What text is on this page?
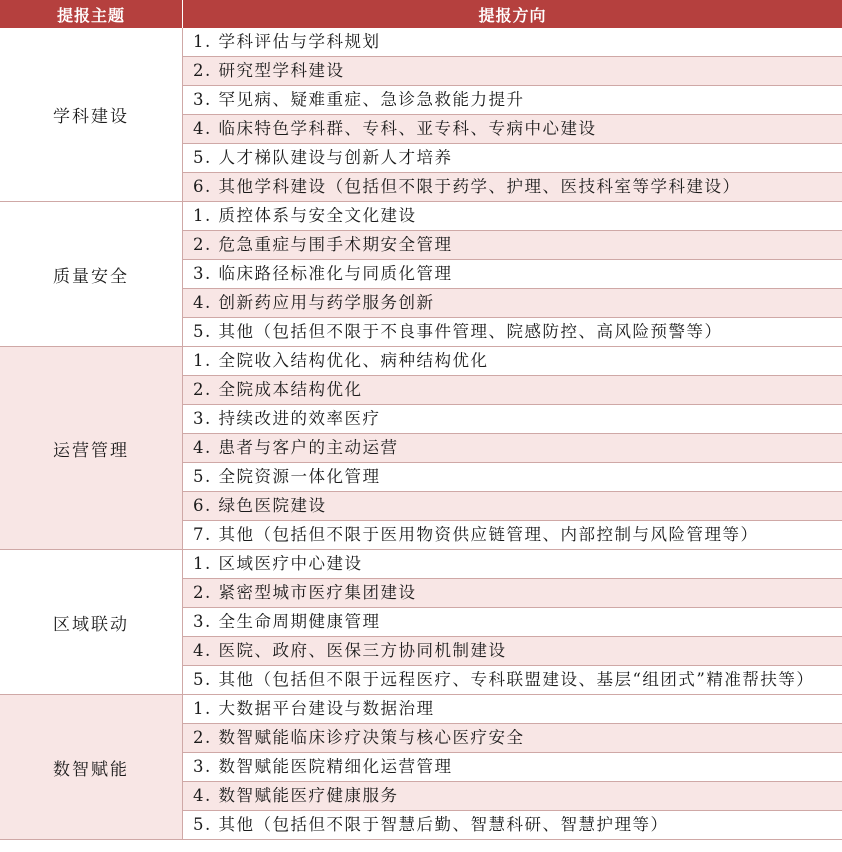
提报主题	提报方向
学科建设	1. 学科评估与学科规划
	2. 研究型学科建设
	3. 罕见病、疑难重症、急诊急救能力提升
	4. 临床特色学科群、专科、亚专科、专病中心建设
	5. 人才梯队建设与创新人才培养
	6. 其他学科建设（包括但不限于药学、护理、医技科室等学科建设）
质量安全	1. 质控体系与安全文化建设
	2. 危急重症与围手术期安全管理
	3. 临床路径标准化与同质化管理
	4. 创新药应用与药学服务创新
	5. 其他（包括但不限于不良事件管理、院感防控、高风险预警等）
运营管理	1. 全院收入结构优化、病种结构优化
	2. 全院成本结构优化
	3. 持续改进的效率医疗
	4. 患者与客户的主动运营
	5. 全院资源一体化管理
	6. 绿色医院建设
	7. 其他（包括但不限于医用物资供应链管理、内部控制与风险管理等）
区域联动	1. 区域医疗中心建设
	2. 紧密型城市医疗集团建设
	3. 全生命周期健康管理
	4. 医院、政府、医保三方协同机制建设
	5. 其他（包括但不限于远程医疗、专科联盟建设、基层“组团式”精准帮扶等）
数智赋能	1. 大数据平台建设与数据治理
	2. 数智赋能临床诊疗决策与核心医疗安全
	3. 数智赋能医院精细化运营管理
	4. 数智赋能医疗健康服务
	5. 其他（包括但不限于智慧后勤、智慧科研、智慧护理等）
